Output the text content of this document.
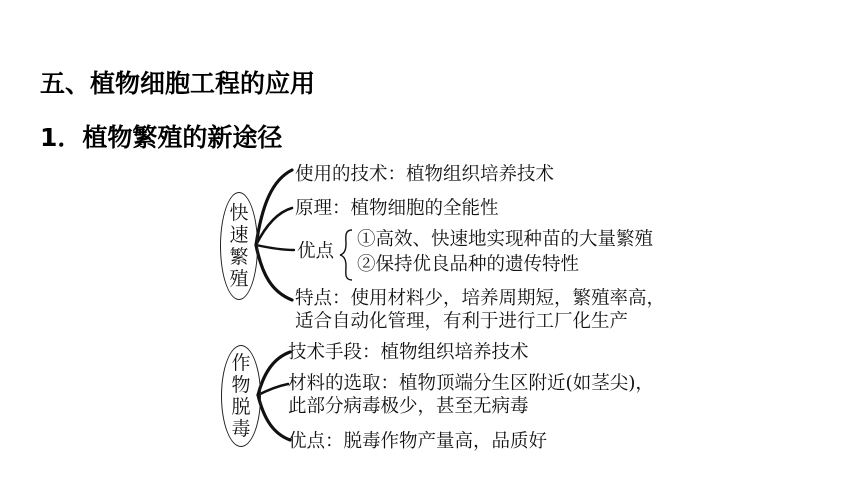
五、植物细胞工程的应用
1．植物繁殖的新途径
快速繁殖
使用的技术：植物组织培养技术
原理：植物细胞的全能性
优点
①高效、快速地实现种苗的大量繁殖
②保持优良品种的遗传特性
特点：使用材料少，培养周期短，繁殖率高，
适合自动化管理，有利于进行工厂化生产
作物脱毒
技术手段：植物组织培养技术
材料的选取：植物顶端分生区附近(如茎尖)，
此部分病毒极少，甚至无病毒
优点：脱毒作物产量高，品质好
